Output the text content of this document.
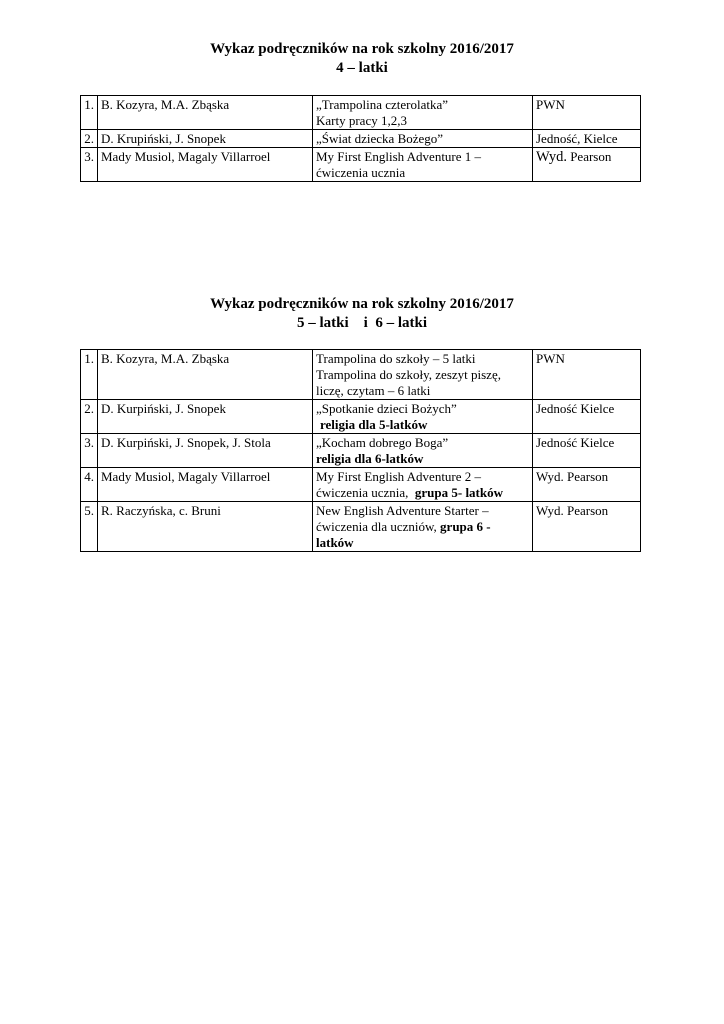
Wykaz podręczników na rok szkolny 2016/2017
4 – latki
1.	B. Kozyra, M.A. Zbąska	„Trampolina czterolatka”
Karty pracy 1,2,3	PWN
2.	D. Krupiński, J. Snopek	„Świat dziecka Bożego”	Jedność, Kielce
3.	Mady Musiol, Magaly Villarroel	My First English Adventure 1 –
ćwiczenia ucznia	Wyd. Pearson
Wykaz podręczników na rok szkolny 2016/2017
5 – latki    i  6 – latki
1.	B. Kozyra, M.A. Zbąska	Trampolina do szkoły – 5 latki
Trampolina do szkoły, zeszyt piszę,
liczę, czytam – 6 latki	PWN
2.	D. Kurpiński, J. Snopek	„Spotkanie dzieci Bożych”
religia dla 5-latków	Jedność Kielce
3.	D. Kurpiński, J. Snopek, J. Stola	„Kocham dobrego Boga”
religia dla 6-latków	Jedność Kielce
4.	Mady Musiol, Magaly Villarroel	My First English Adventure 2 –
ćwiczenia ucznia,  grupa 5- latków	Wyd. Pearson
5.	R. Raczyńska, c. Bruni	New English Adventure Starter –
ćwiczenia dla uczniów, grupa 6 -
latków	Wyd. Pearson
